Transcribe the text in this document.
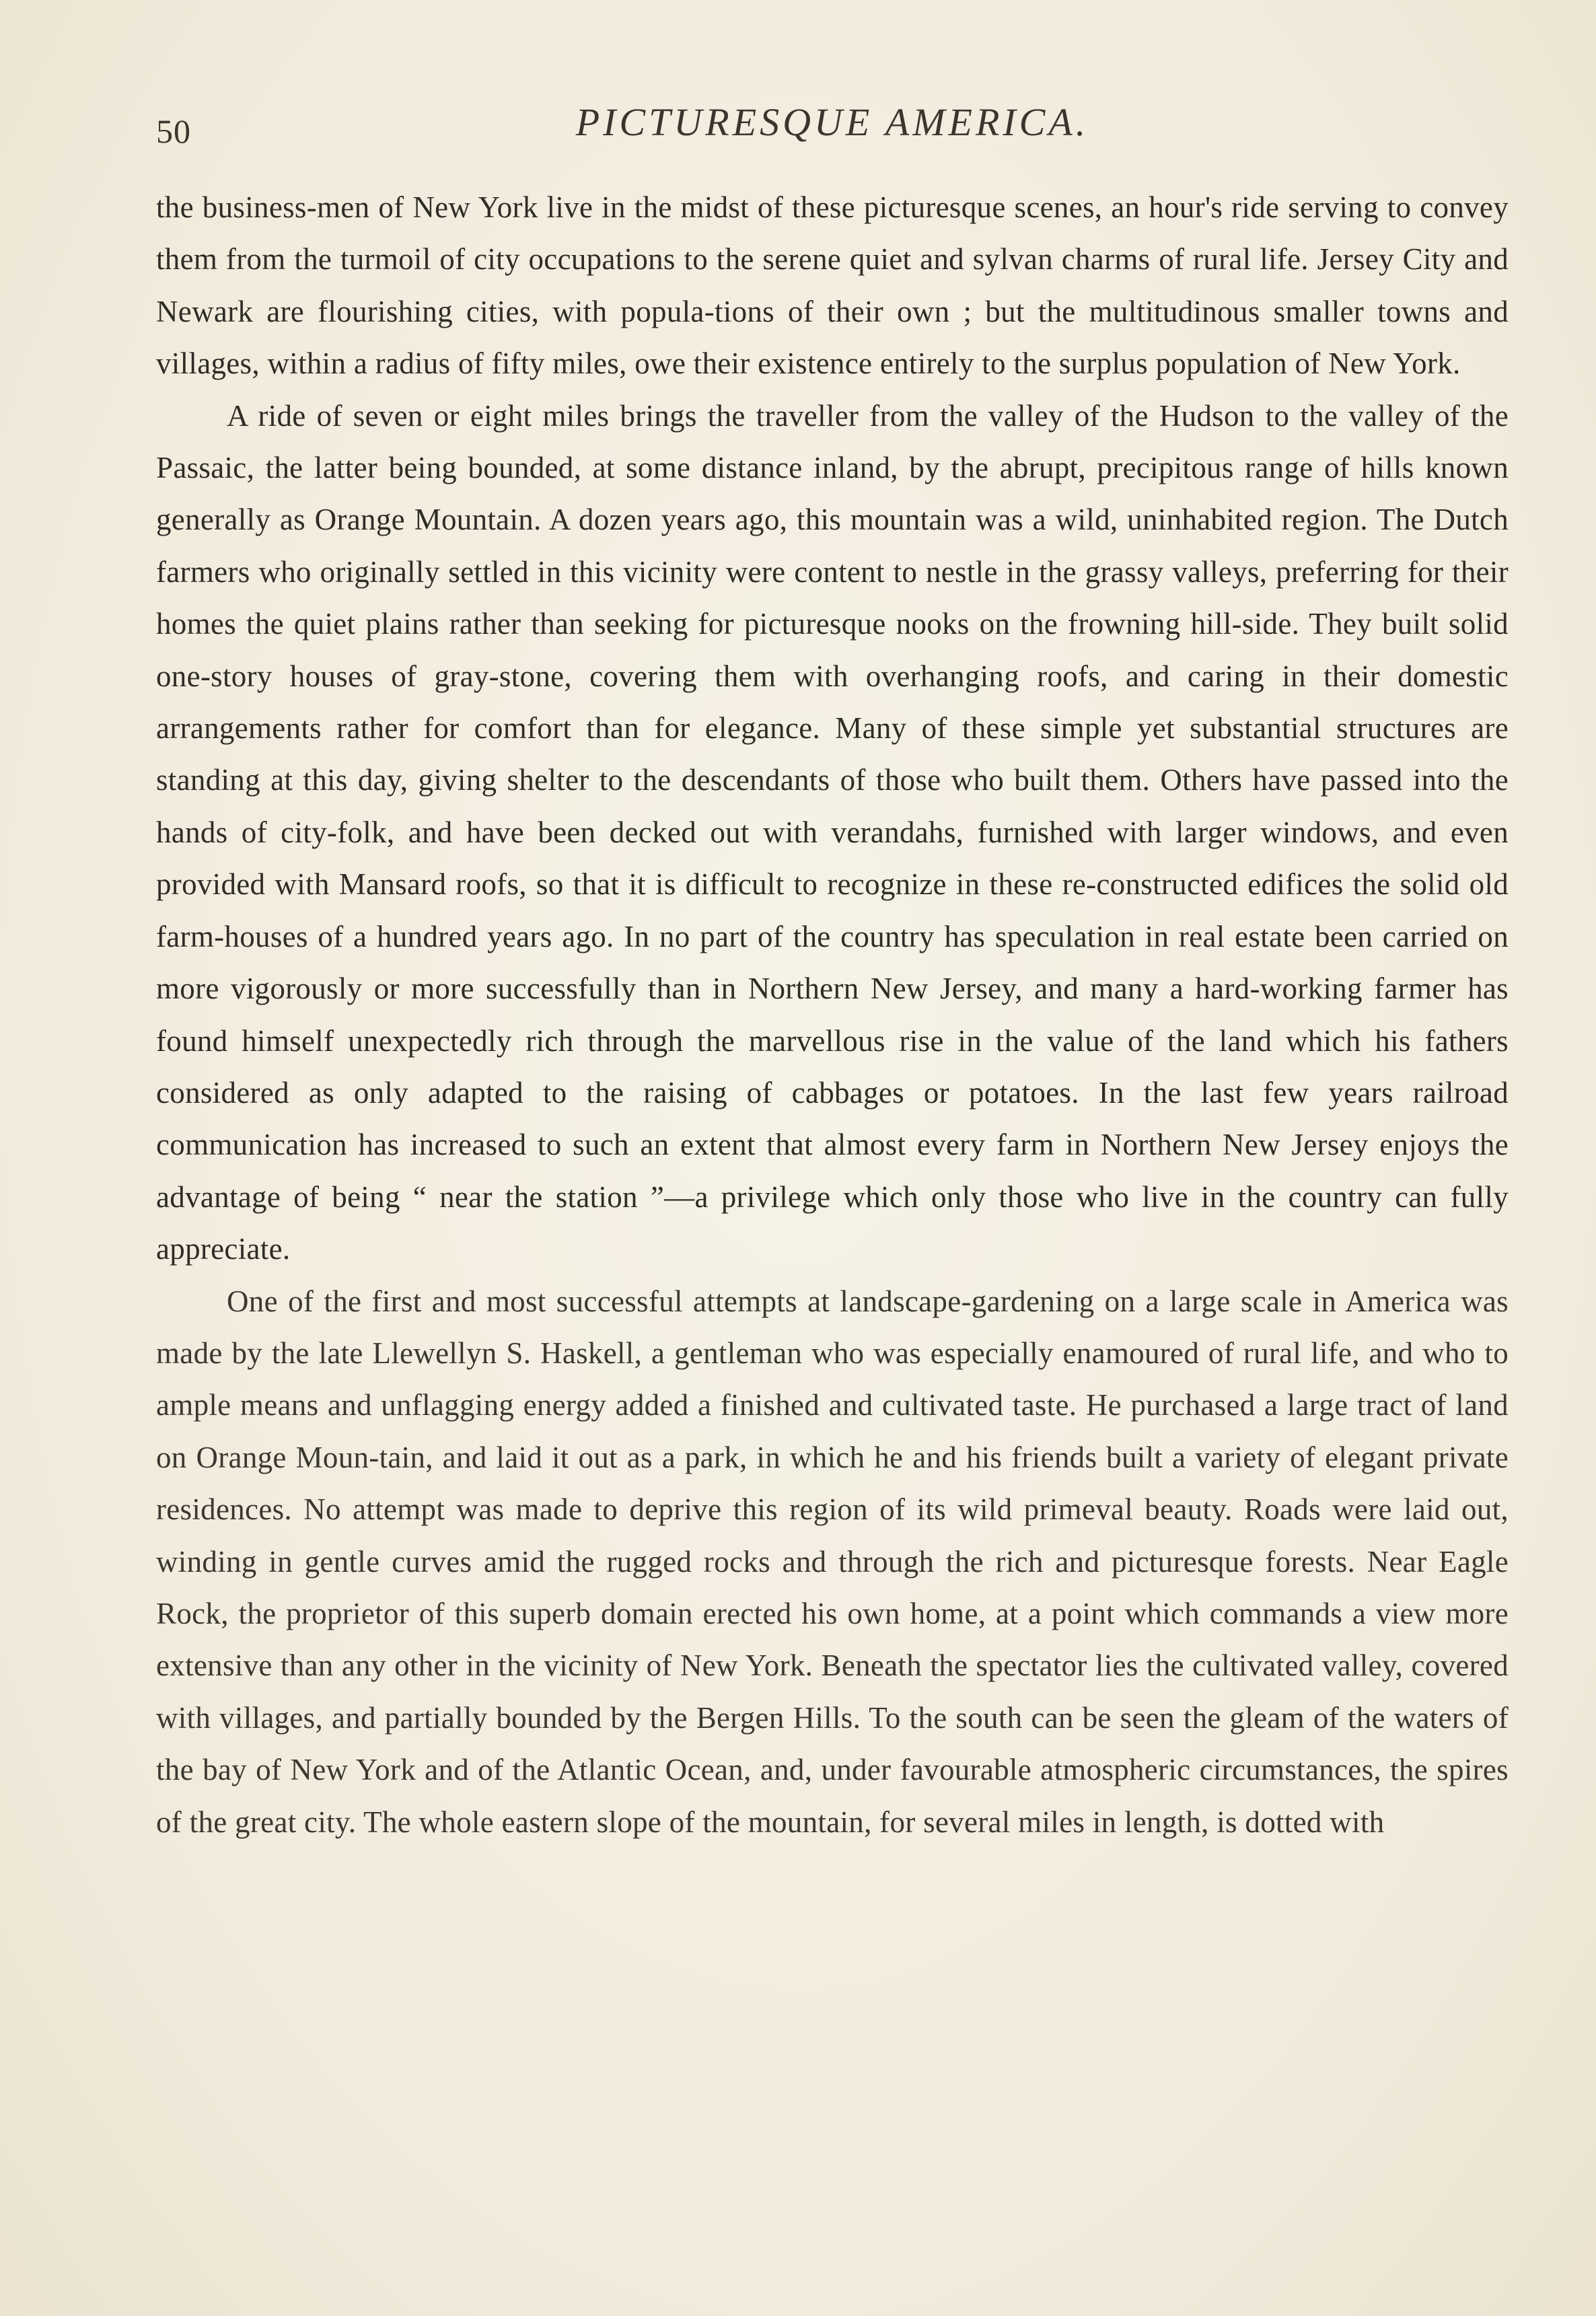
50	PICTURESQUE AMERICA.

the business-men of New York live in the midst of these picturesque scenes, an hour's ride serving to convey them from the turmoil of city occupations to the serene quiet and sylvan charms of rural life. Jersey City and Newark are flourishing cities, with popula-tions of their own ; but the multitudinous smaller towns and villages, within a radius of fifty miles, owe their existence entirely to the surplus population of New York.

A ride of seven or eight miles brings the traveller from the valley of the Hudson to the valley of the Passaic, the latter being bounded, at some distance inland, by the abrupt, precipitous range of hills known generally as Orange Mountain. A dozen years ago, this mountain was a wild, uninhabited region. The Dutch farmers who originally settled in this vicinity were content to nestle in the grassy valleys, preferring for their homes the quiet plains rather than seeking for picturesque nooks on the frowning hill-side. They built solid one-story houses of gray-stone, covering them with overhanging roofs, and caring in their domestic arrangements rather for comfort than for elegance. Many of these simple yet substantial structures are standing at this day, giving shelter to the descendants of those who built them. Others have passed into the hands of city-folk, and have been decked out with verandahs, furnished with larger windows, and even provided with Mansard roofs, so that it is difficult to recognize in these re-constructed edifices the solid old farm-houses of a hundred years ago. In no part of the country has speculation in real estate been carried on more vigorously or more successfully than in Northern New Jersey, and many a hard-working farmer has found himself unexpectedly rich through the marvellous rise in the value of the land which his fathers considered as only adapted to the raising of cabbages or potatoes. In the last few years railroad communication has increased to such an extent that almost every farm in Northern New Jersey enjoys the advantage of being “ near the station ”—a privilege which only those who live in the country can fully appreciate.

One of the first and most successful attempts at landscape-gardening on a large scale in America was made by the late Llewellyn S. Haskell, a gentleman who was especially enamoured of rural life, and who to ample means and unflagging energy added a finished and cultivated taste. He purchased a large tract of land on Orange Moun-tain, and laid it out as a park, in which he and his friends built a variety of elegant private residences. No attempt was made to deprive this region of its wild primeval beauty. Roads were laid out, winding in gentle curves amid the rugged rocks and through the rich and picturesque forests. Near Eagle Rock, the proprietor of this superb domain erected his own home, at a point which commands a view more extensive than any other in the vicinity of New York. Beneath the spectator lies the cultivated valley, covered with villages, and partially bounded by the Bergen Hills. To the south can be seen the gleam of the waters of the bay of New York and of the Atlantic Ocean, and, under favourable atmospheric circumstances, the spires of the great city. The whole eastern slope of the mountain, for several miles in length, is dotted with
